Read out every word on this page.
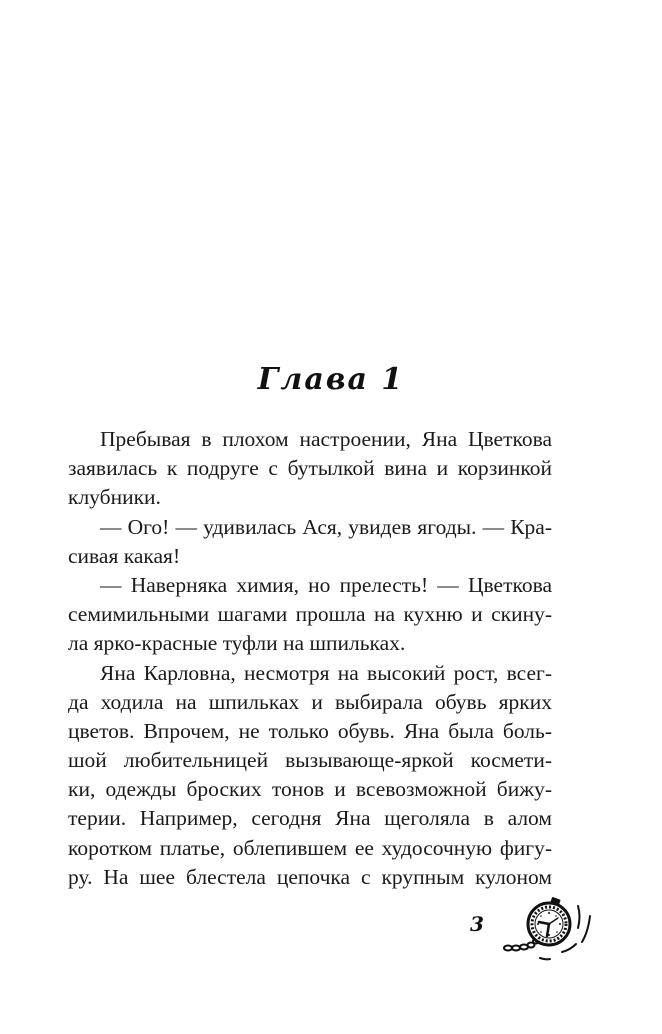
Глава 1
Пребывая в плохом настроении, Яна Цветкова
заявилась к подруге с бутылкой вина и корзинкой
клубники.
— Ого! — удивилась Ася, увидев ягоды. — Кра-
сивая какая!
— Наверняка химия, но прелесть! — Цветкова
семимильными шагами прошла на кухню и скину-
ла ярко-красные туфли на шпильках.
Яна Карловна, несмотря на высокий рост, всег-
да ходила на шпильках и выбирала обувь ярких
цветов. Впрочем, не только обувь. Яна была боль-
шой любительницей вызывающе-яркой космети-
ки, одежды броских тонов и всевозможной бижу-
терии. Например, сегодня Яна щеголяла в алом
коротком платье, облепившем ее худосочную фигу-
ру. На шее блестела цепочка с крупным кулоном
3
